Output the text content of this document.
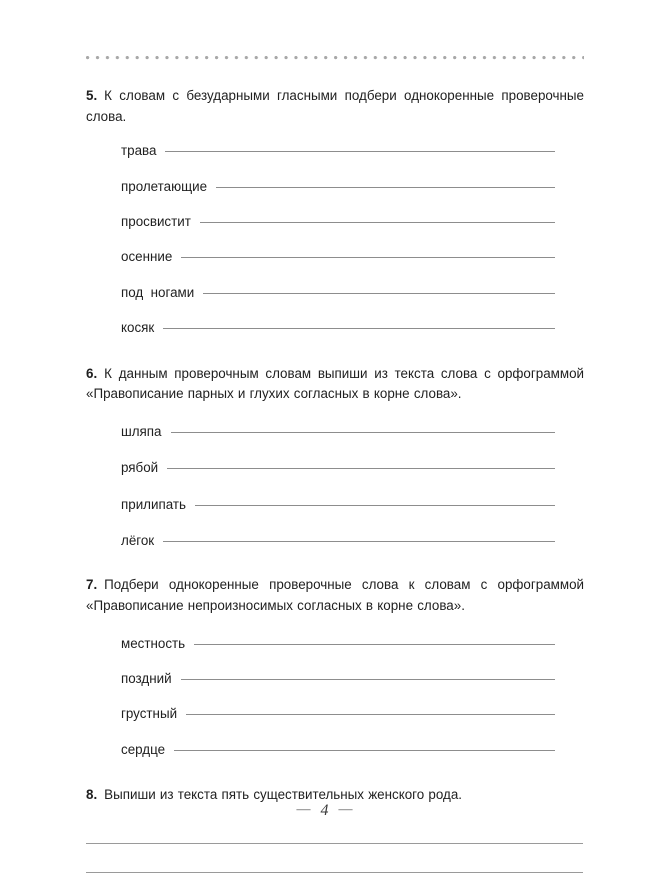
5. К словам с безударными гласными подбери однокоренные проверочные слова.
трава
пролетающие
просвистит
осенние
под  ногами
косяк
6. К данным проверочным словам выпиши из текста слова с орфограммой «Правописание парных и глухих согласных в корне слова».
шляпа
рябой
прилипать
лёгок
7. Подбери однокоренные проверочные слова к словам с орфограммой «Правописание непроизносимых согласных в корне слова».
местность
поздний
грустный
сердце
8. Выпиши из текста пять существительных женского рода.
— 4 —
